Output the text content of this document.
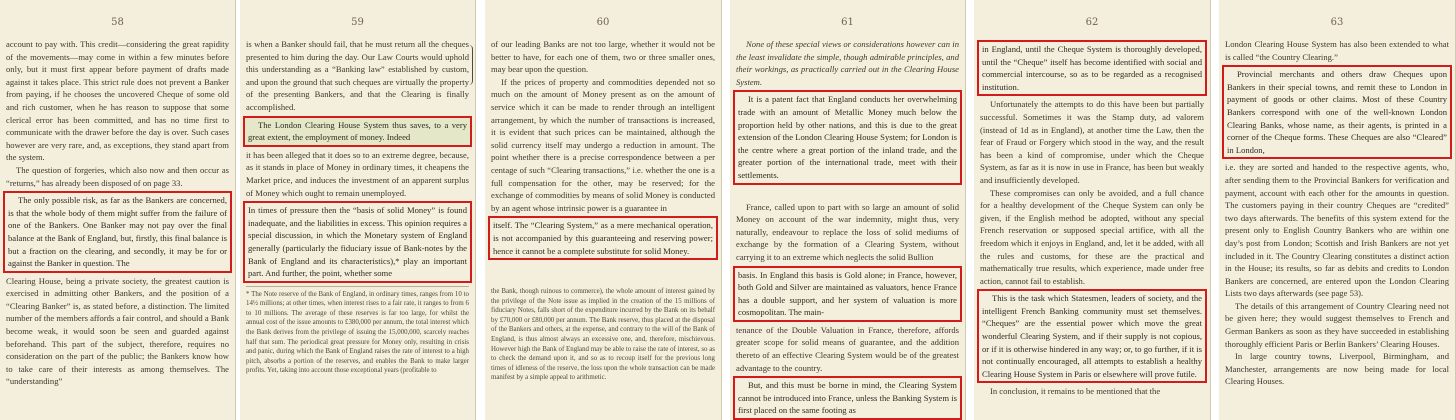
58

account to pay with. This credit—considering the great rapidity of the movements—may come in within a few minutes before only, but it must first appear before payment of drafts made against it takes place. This strict rule does not prevent a Banker from paying, if he chooses the uncovered Cheque of some old and rich customer, when he has reason to suppose that some clerical error has been committed, and has no time first to communicate with the drawer before the day is over. Such cases however are very rare, and, as exceptions, they stand apart from the system.

The question of forgeries, which also now and then occur as “returns,” has already been disposed of on page 33.

The only possible risk, as far as the Bankers are concerned, is that the whole body of them might suffer from the failure of one of the Bankers. One Banker may not pay over the final balance at the Bank of England, but, firstly, this final balance is but a fraction on the clearing, and secondly, it may be for or against the Banker in question. The

Clearing House, being a private society, the greatest caution is exercised in admitting other Bankers, and the position of a “Clearing Banker” is, as stated before, a distinction. The limited number of the members affords a fair control, and should a Bank become weak, it would soon be seen and guarded against beforehand. This part of the subject, therefore, requires no consideration on the part of the public; the Bankers know how to take care of their interests as among themselves. The “understanding”

59

is when a Banker should fail, that he must return all the cheques presented to him during the day. Our Law Courts would uphold this understanding as a “Banking law” established by custom, and upon the ground that such cheques are virtually the property of the presenting Bankers, and that the Clearing is finally accomplished.

The London Clearing House System thus saves, to a very great extent, the employment of money. Indeed

it has been alleged that it does so to an extreme degree, because, as it stands in place of Money in ordinary times, it cheapens the Market price, and induces the investment of an apparent surplus of Money which ought to remain unemployed.

In times of pressure then the “basis of solid Money” is found inadequate, and the liabilities in excess. This opinion requires a special discussion, in which the Monetary system of England generally (particularly the fiduciary issue of Bank-notes by the Bank of England and its characteristics),* play an important part. And further, the point, whether some

* The Note reserve of the Bank of England, in ordinary times, ranges from 10 to 14½ millions; at other times, when interest rises to a fair rate, it ranges to from 6 to 10 millions. The average of these reserves is far too large, for whilst the annual cost of the issue amounts to £380,000 per annum, the total interest which the Bank derives from the privilege of issuing the 15,000,000, scarcely reaches half that sum. The periodical great pressure for Money only, resulting in crisis and panic, during which the Bank of England raises the rate of interest to a high pitch, absorbs a portion of the reserves, and enables the Bank to make larger profits. Yet, taking into account those exceptional years (profitable to

60

of our leading Banks are not too large, whether it would not be better to have, for each one of them, two or three smaller ones, may bear upon the question.

If the prices of property and commodities depended not so much on the amount of Money present as on the amount of service which it can be made to render through an intelligent arrangement, by which the number of transactions is increased, it is evident that such prices can be maintained, although the solid currency itself may undergo a reduction in amount. The point whether there is a precise correspondence between a per centage of such “Clearing transactions,” i.e. whether the one is a full compensation for the other, may be reserved; for the exchange of commodities by means of solid Money is conducted by an agent whose intrinsic power is a guarantee in

itself. The “Clearing System,” as a mere mechanical operation, is not accompanied by this guaranteeing and reserving power; hence it cannot be a complete substitute for solid Money.

the Bank, though ruinous to commerce), the whole amount of interest gained by the privilege of the Note issue as implied in the creation of the 15 millions of fiduciary Notes, falls short of the expenditure incurred by the Bank on its behalf by £70,000 or £80,000 per annum. The Bank reserve, thus placed at the disposal of the Bankers and others, at the expense, and contrary to the will of the Bank of England, is thus almost always an excessive one, and, therefore, mischievous. However high the Bank of England may be able to raise the rate of interest, so as to check the demand upon it, and so as to recoup itself for the previous long times of idleness of the reserve, the loss upon the whole transaction can be made manifest by a simple appeal to arithmetic.

61

None of these special views or considerations however can in the least invalidate the simple, though admirable principles, and their workings, as practically carried out in the Clearing House System.

It is a patent fact that England conducts her overwhelming trade with an amount of Metallic Money much below the proportion held by other nations, and this is due to the great extension of the London Clearing House System; for London is the centre where a great portion of the inland trade, and the greater portion of the international trade, meet with their settlements.

France, called upon to part with so large an amount of solid Money on account of the war indemnity, might thus, very naturally, endeavour to replace the loss of solid mediums of exchange by the formation of a Clearing System, without carrying it to an extreme which neglects the solid Bullion

basis. In England this basis is Gold alone; in France, however, both Gold and Silver are maintained as valuators, hence France has a double support, and her system of valuation is more cosmopolitan. The main-

tenance of the Double Valuation in France, therefore, affords greater scope for solid means of guarantee, and the addition thereto of an effective Clearing System would be of the greatest advantage to the country.

But, and this must be borne in mind, the Clearing System cannot be introduced into France, unless the Banking System is first placed on the same footing as

62

in England, until the Cheque System is thoroughly developed, until the “Cheque” itself has become identified with social and commercial intercourse, so as to be regarded as a recognised institution.

Unfortunately the attempts to do this have been but partially successful. Sometimes it was the Stamp duty, ad valorem (instead of 1d as in England), at another time the Law, then the fear of Fraud or Forgery which stood in the way, and the result has been a kind of compromise, under which the Cheque System, as far as it is now in use in France, has been but weakly and insufficiently developed.

These compromises can only be avoided, and a full chance for a healthy development of the Cheque System can only be given, if the English method be adopted, without any special French reservation or supposed special artifice, with all the freedom which it enjoys in England, and, let it be added, with all the rules and customs, for these are the practical and mathematically true results, which experience, made under free action, cannot fail to establish.

This is the task which Statesmen, leaders of society, and the intelligent French Banking community must set themselves. “Cheques” are the essential power which move the great wonderful Clearing System, and if their supply is not copious, or if it is otherwise hindered in any way; or, to go further, if it is not continually encouraged, all attempts to establish a healthy Clearing House System in Paris or elsewhere will prove futile.

In conclusion, it remains to be mentioned that the

63

London Clearing House System has also been extended to what is called “the Country Clearing.”

Provincial merchants and others draw Cheques upon Bankers in their special towns, and remit these to London in payment of goods or other claims. Most of these Country Bankers correspond with one of the well-known London Clearing Banks, whose name, as their agents, is printed in a corner of the Cheque forms. These Cheques are also “Cleared” in London,

i.e. they are sorted and handed to the respective agents, who, after sending them to the Provincial Bankers for verification and payment, account with each other for the amounts in question. The customers paying in their country Cheques are “credited” two days afterwards. The benefits of this system extend for the present only to English Country Bankers who are within one day’s post from London; Scottish and Irish Bankers are not yet included in it. The Country Clearing constitutes a distinct action in the House; its results, so far as debits and credits to London Bankers are concerned, are entered upon the London Clearing Lists two days afterwards (see page 53).

The details of this arrangement of Country Clearing need not be given here; they would suggest themselves to French and German Bankers as soon as they have succeeded in establishing thoroughly efficient Paris or Berlin Bankers’ Clearing Houses.

In large country towns, Liverpool, Birmingham, and Manchester, arrangements are now being made for local Clearing Houses.
